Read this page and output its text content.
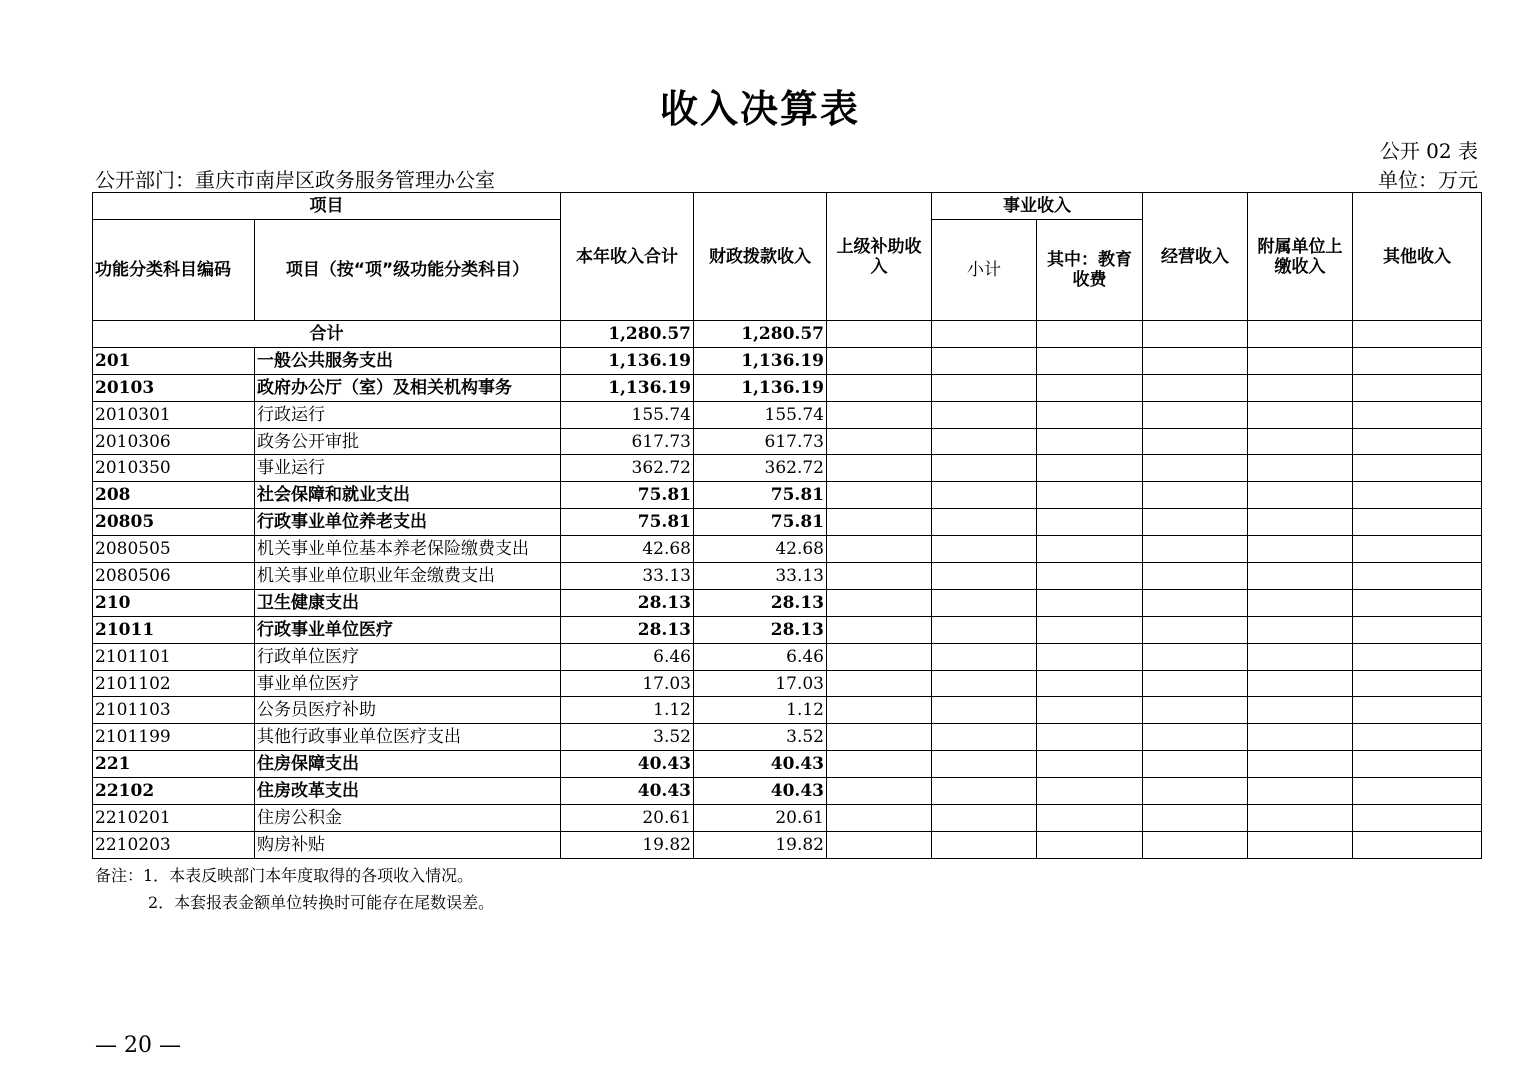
收入决算表
公开 02 表
公开部门：重庆市南岸区政务服务管理办公室	单位：万元
项目		本年收入合计	财政拨款收入	上级补助收入	事业收入		经营收入	附属单位上缴收入	其他收入
功能分类科目编码	项目（按“项”级功能分类科目）				小计	其中：教育收费			
合计		1,280.57	1,280.57						
201	一般公共服务支出	1,136.19	1,136.19						
20103	政府办公厅（室）及相关机构事务	1,136.19	1,136.19						
2010301	行政运行	155.74	155.74						
2010306	政务公开审批	617.73	617.73						
2010350	事业运行	362.72	362.72						
208	社会保障和就业支出	75.81	75.81						
20805	行政事业单位养老支出	75.81	75.81						
2080505	机关事业单位基本养老保险缴费支出	42.68	42.68						
2080506	机关事业单位职业年金缴费支出	33.13	33.13						
210	卫生健康支出	28.13	28.13						
21011	行政事业单位医疗	28.13	28.13						
2101101	行政单位医疗	6.46	6.46						
2101102	事业单位医疗	17.03	17.03						
2101103	公务员医疗补助	1.12	1.12						
2101199	其他行政事业单位医疗支出	3.52	3.52						
221	住房保障支出	40.43	40.43						
22102	住房改革支出	40.43	40.43						
2210201	住房公积金	20.61	20.61						
2210203	购房补贴	19.82	19.82						
备注：1．本表反映部门本年度取得的各项收入情况。
2．本套报表金额单位转换时可能存在尾数误差。
— 20 —
